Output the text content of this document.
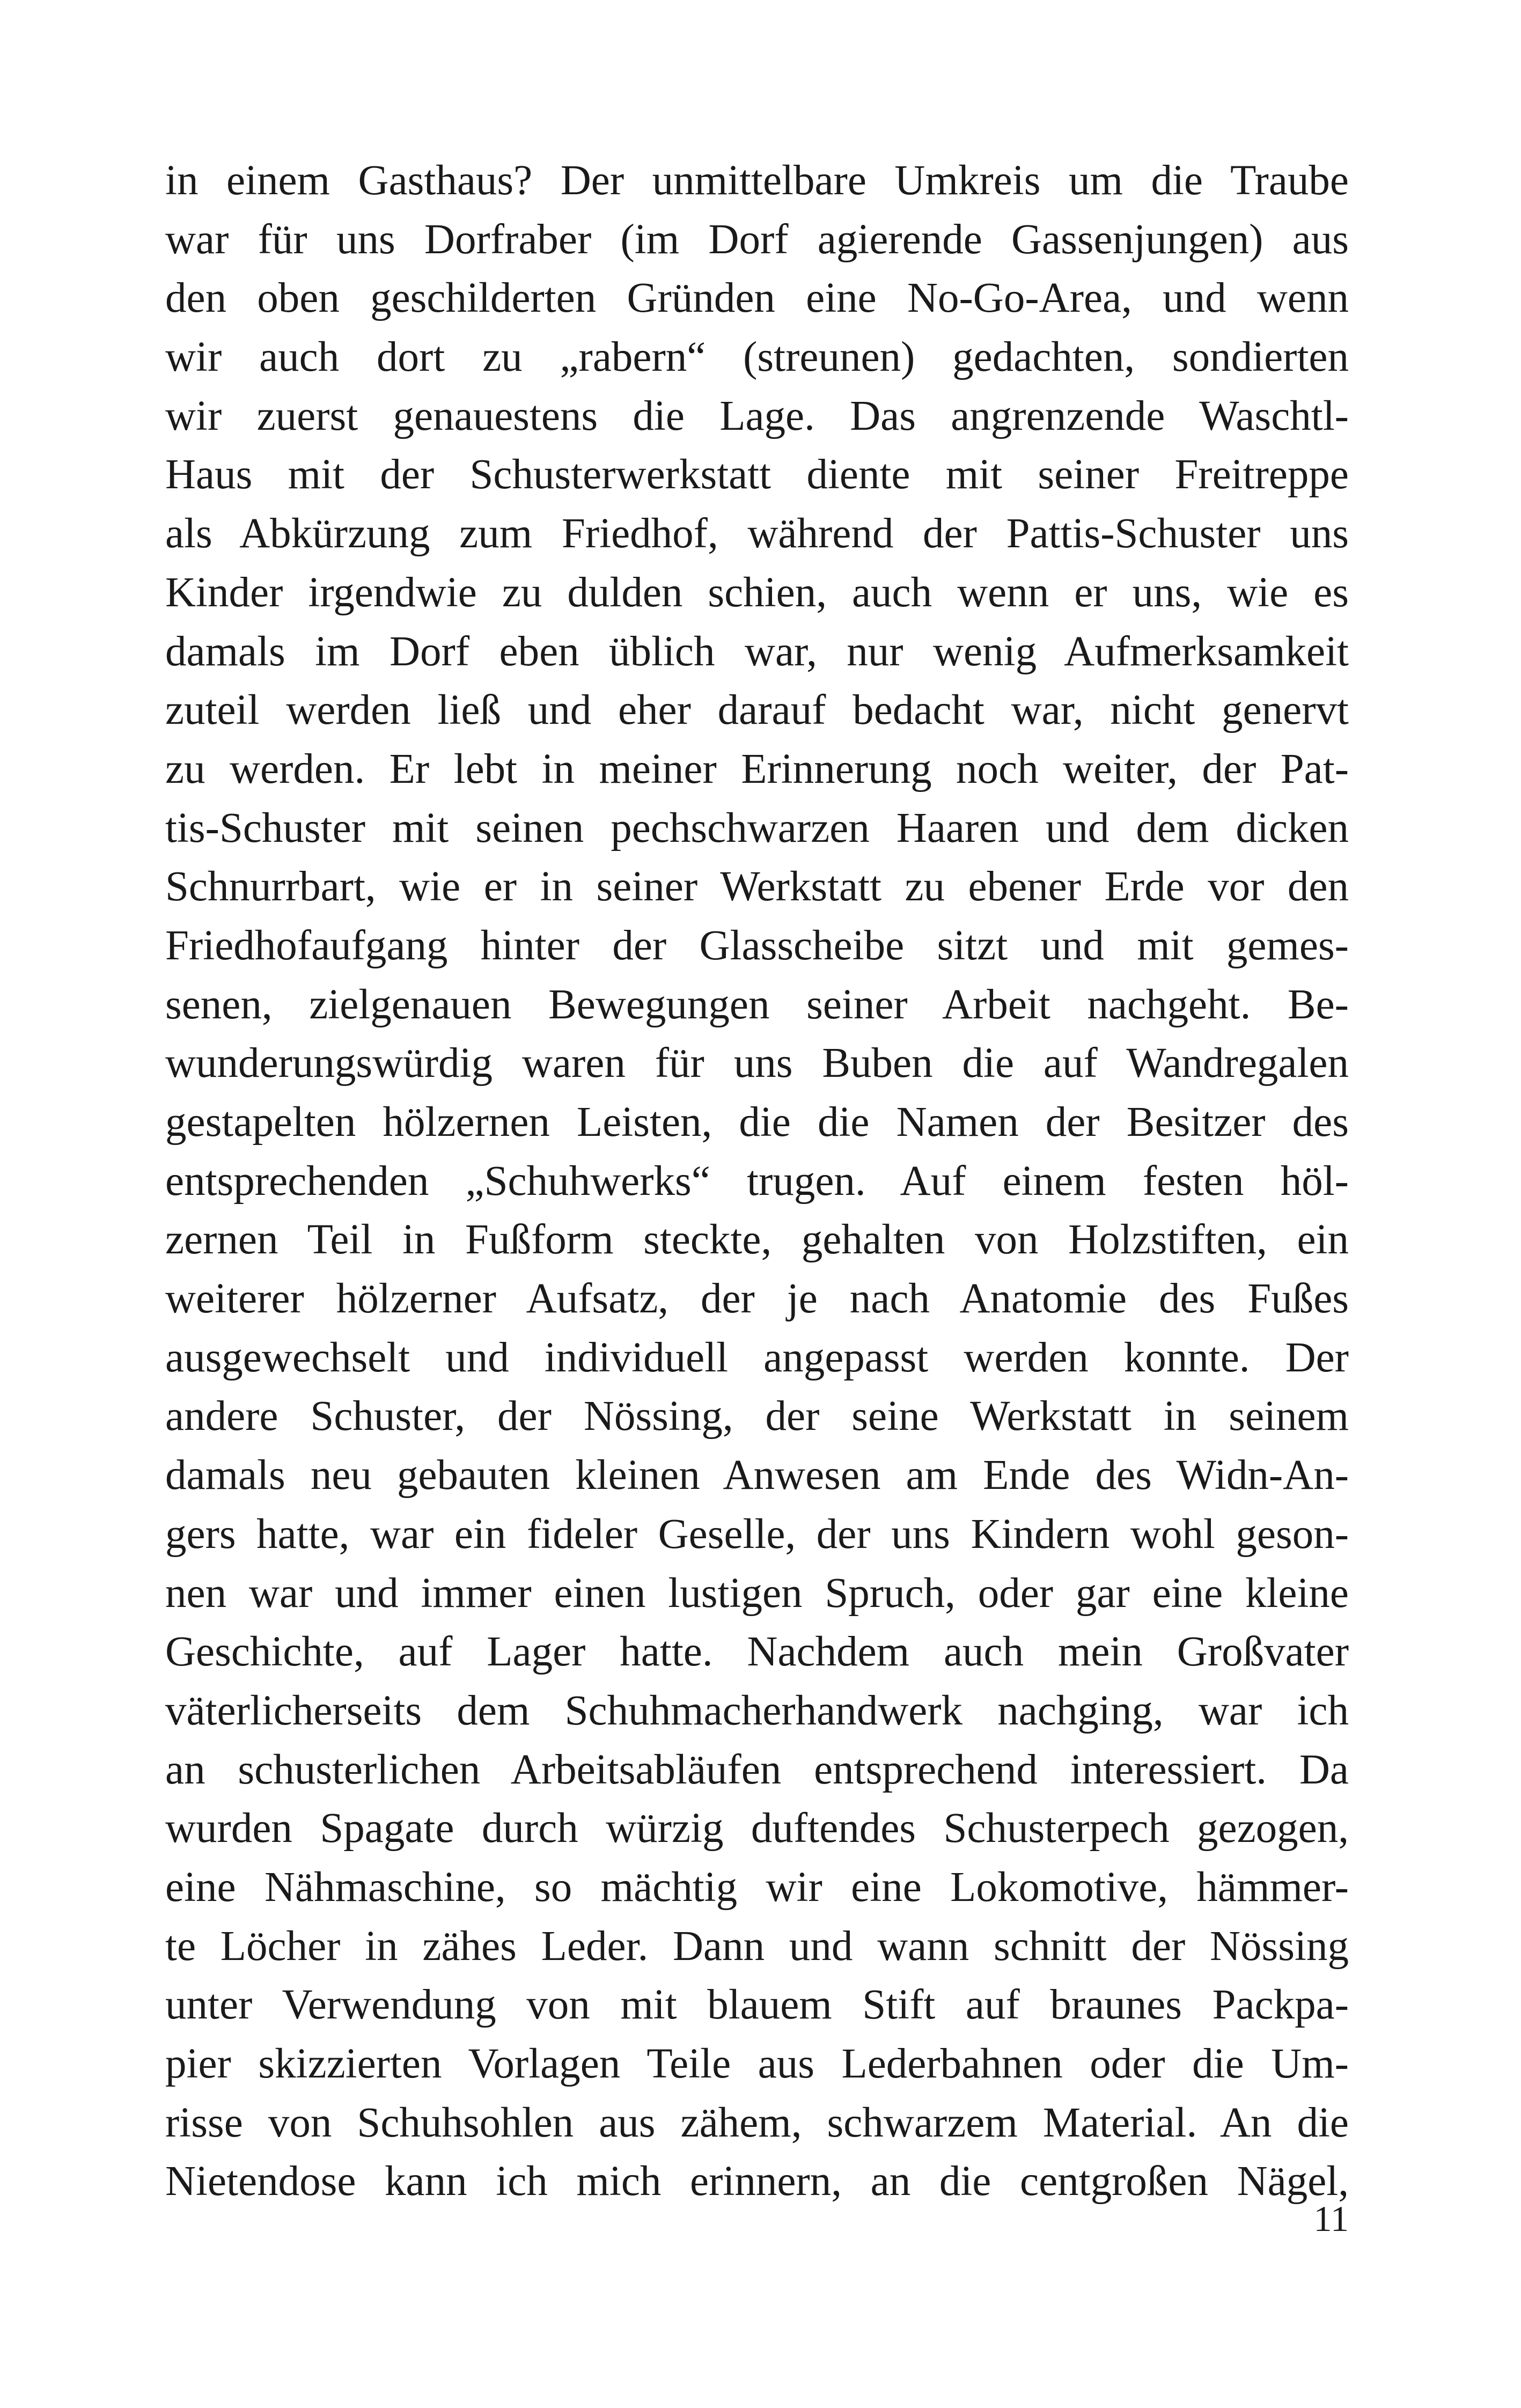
in einem Gasthaus? Der unmittelbare Umkreis um die Traube
war für uns Dorfraber (im Dorf agierende Gassenjungen) aus
den oben geschilderten Gründen eine No-Go-Area, und wenn
wir auch dort zu „rabern“ (streunen) gedachten, sondierten
wir zuerst genauestens die Lage. Das angrenzende Waschtl-
Haus mit der Schusterwerkstatt diente mit seiner Freitreppe
als Abkürzung zum Friedhof, während der Pattis-Schuster uns
Kinder irgendwie zu dulden schien, auch wenn er uns, wie es
damals im Dorf eben üblich war, nur wenig Aufmerksamkeit
zuteil werden ließ und eher darauf bedacht war, nicht genervt
zu werden. Er lebt in meiner Erinnerung noch weiter, der Pat-
tis-Schuster mit seinen pechschwarzen Haaren und dem dicken
Schnurrbart, wie er in seiner Werkstatt zu ebener Erde vor den
Friedhofaufgang hinter der Glasscheibe sitzt und mit gemes-
senen, zielgenauen Bewegungen seiner Arbeit nachgeht. Be-
wunderungswürdig waren für uns Buben die auf Wandregalen
gestapelten hölzernen Leisten, die die Namen der Besitzer des
entsprechenden „Schuhwerks“ trugen. Auf einem festen höl-
zernen Teil in Fußform steckte, gehalten von Holzstiften, ein
weiterer hölzerner Aufsatz, der je nach Anatomie des Fußes
ausgewechselt und individuell angepasst werden konnte. Der
andere Schuster, der Nössing, der seine Werkstatt in seinem
damals neu gebauten kleinen Anwesen am Ende des Widn-An-
gers hatte, war ein fideler Geselle, der uns Kindern wohl geson-
nen war und immer einen lustigen Spruch, oder gar eine kleine
Geschichte, auf Lager hatte. Nachdem auch mein Großvater
väterlicherseits dem Schuhmacherhandwerk nachging, war ich
an schusterlichen Arbeitsabläufen entsprechend interessiert. Da
wurden Spagate durch würzig duftendes Schusterpech gezogen,
eine Nähmaschine, so mächtig wir eine Lokomotive, hämmer-
te Löcher in zähes Leder. Dann und wann schnitt der Nössing
unter Verwendung von mit blauem Stift auf braunes Packpa-
pier skizzierten Vorlagen Teile aus Lederbahnen oder die Um-
risse von Schuhsohlen aus zähem, schwarzem Material. An die
Nietendose kann ich mich erinnern, an die centgroßen Nägel,
11
